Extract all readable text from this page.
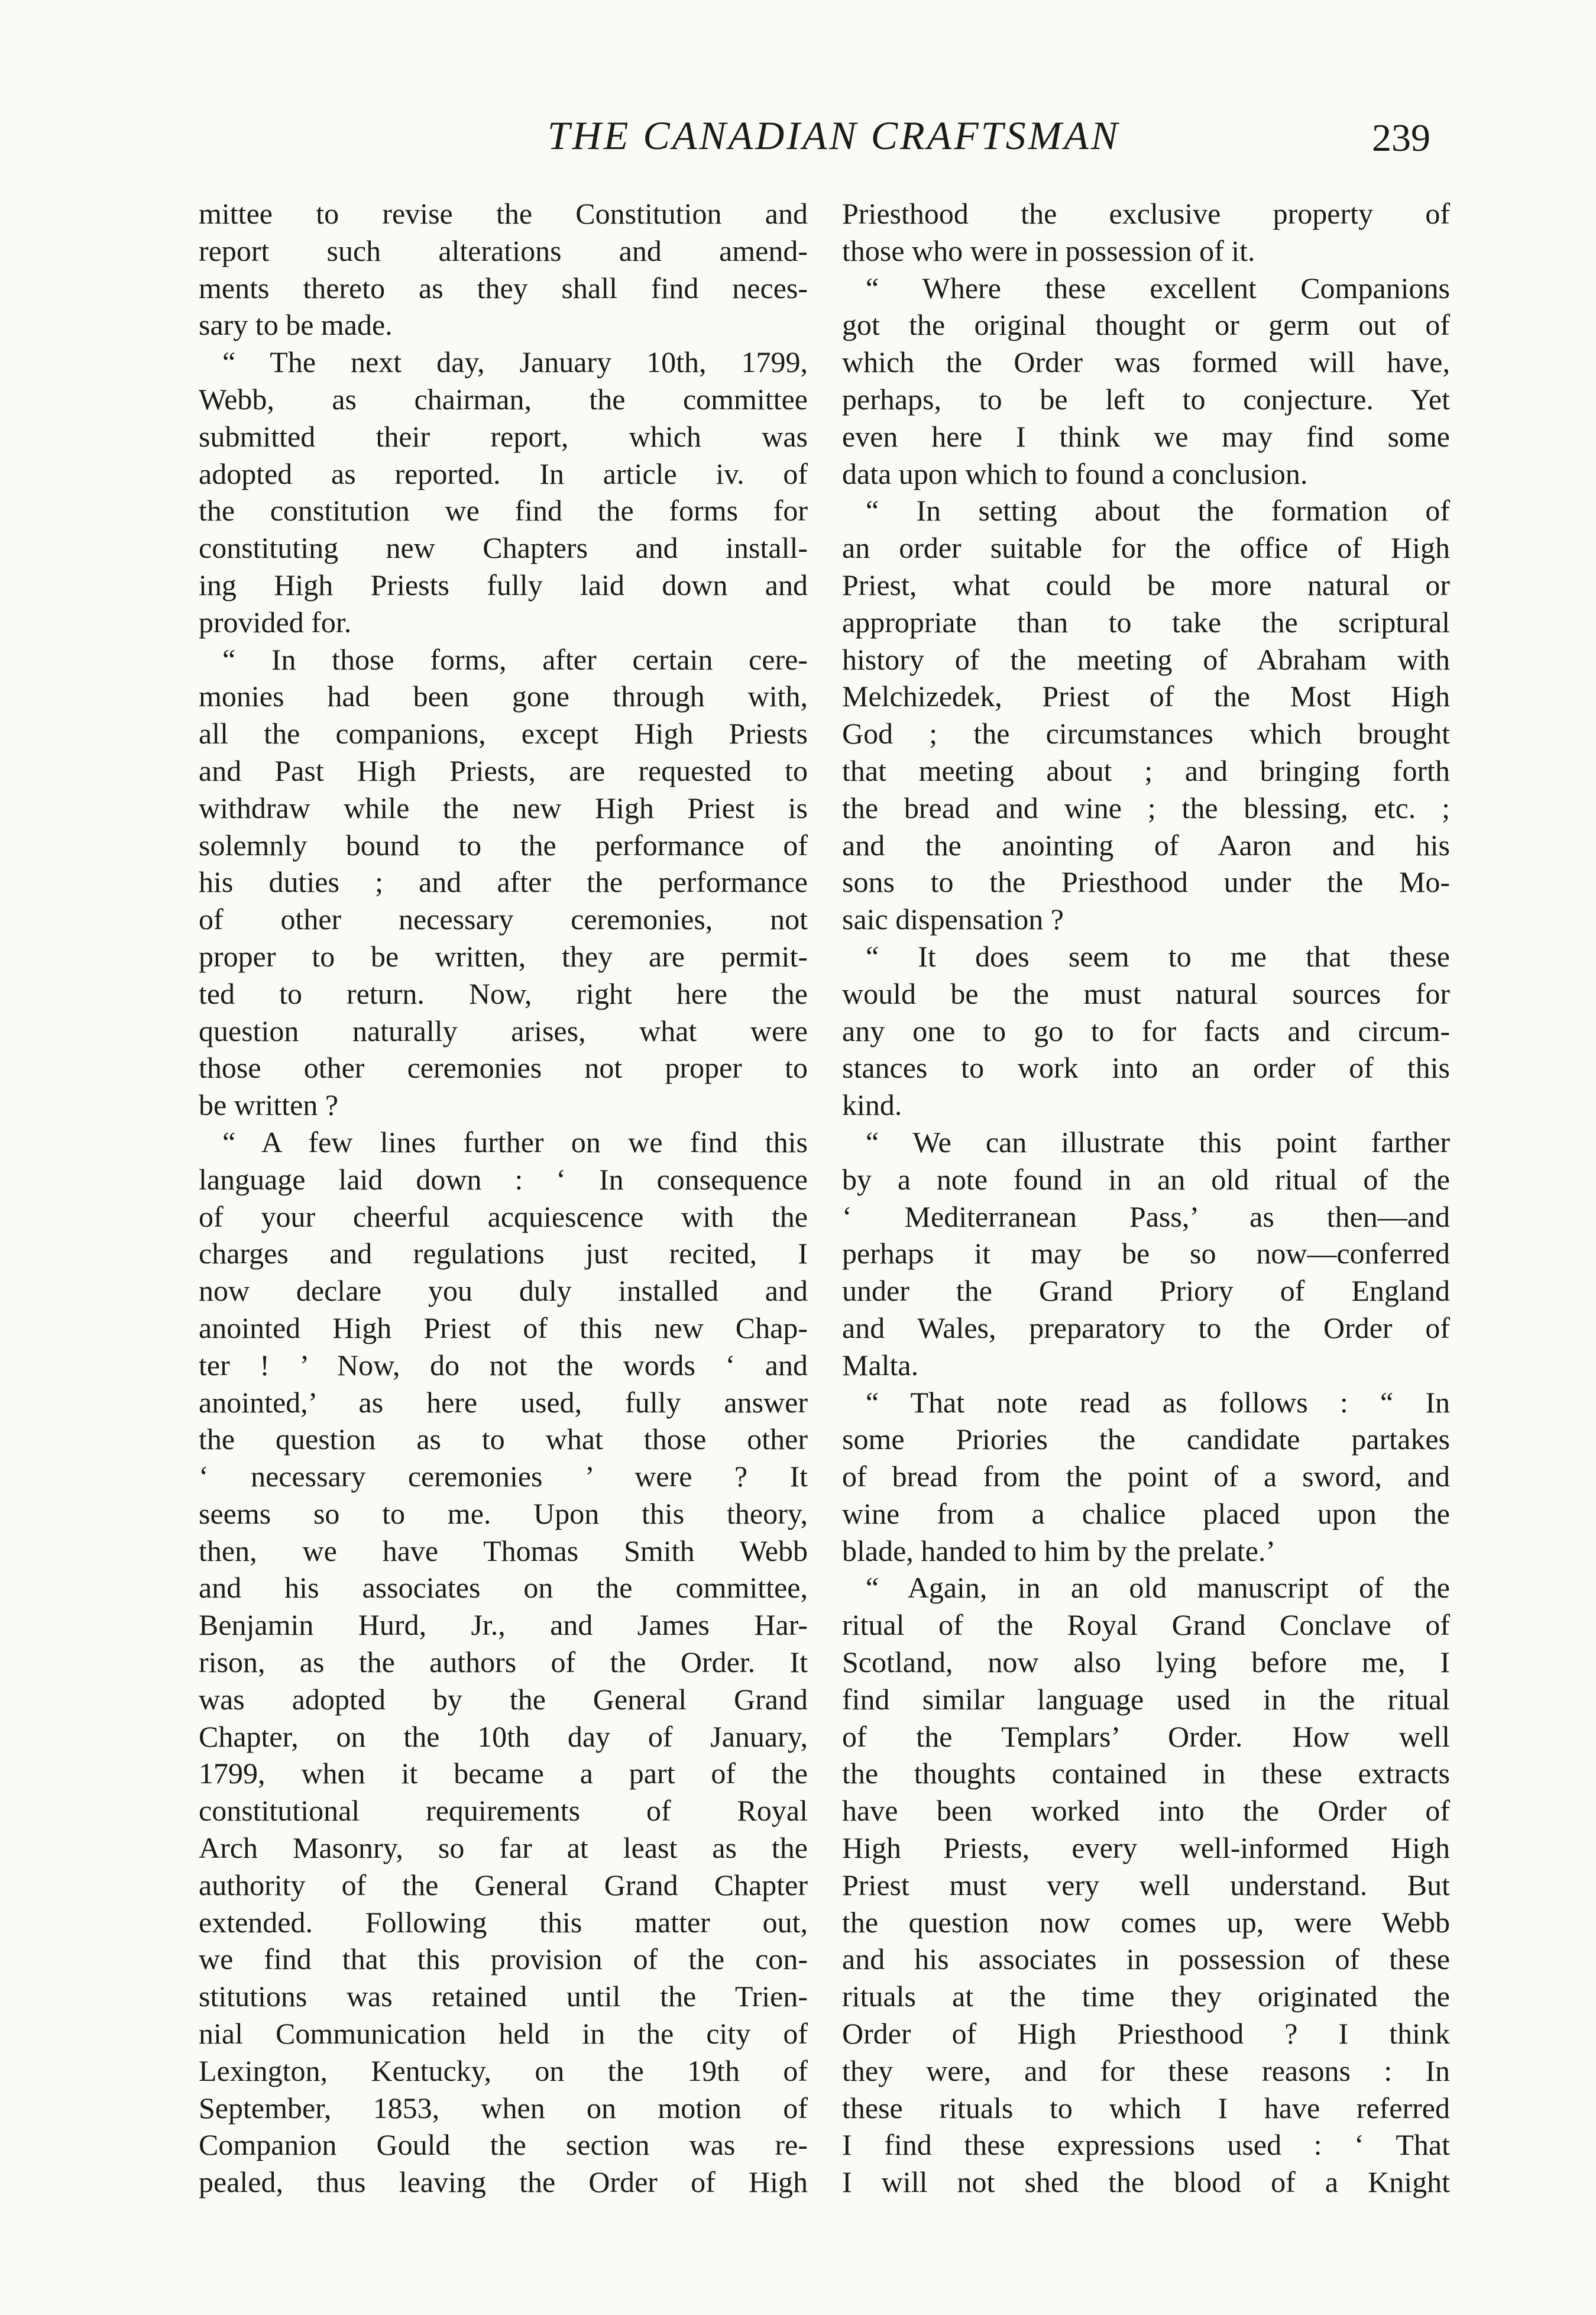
THE CANADIAN CRAFTSMAN	239
mittee to revise the Constitution and
report such alterations and amend-
ments thereto as they shall find neces-
sary to be made.
“ The next day, January 10th, 1799,
Webb, as chairman, the committee
submitted their report, which was
adopted as reported. In article iv. of
the constitution we find the forms for
constituting new Chapters and install-
ing High Priests fully laid down and
provided for.
“ In those forms, after certain cere-
monies had been gone through with,
all the companions, except High Priests
and Past High Priests, are requested to
withdraw while the new High Priest is
solemnly bound to the performance of
his duties ; and after the performance
of other necessary ceremonies, not
proper to be written, they are permit-
ted to return. Now, right here the
question naturally arises, what were
those other ceremonies not proper to
be written ?
“ A few lines further on we find this
language laid down : ‘ In consequence
of your cheerful acquiescence with the
charges and regulations just recited, I
now declare you duly installed and
anointed High Priest of this new Chap-
ter ! ’ Now, do not the words ‘ and
anointed,’ as here used, fully answer
the question as to what those other
‘ necessary ceremonies ’ were ? It
seems so to me. Upon this theory,
then, we have Thomas Smith Webb
and his associates on the committee,
Benjamin Hurd, Jr., and James Har-
rison, as the authors of the Order. It
was adopted by the General Grand
Chapter, on the 10th day of January,
1799, when it became a part of the
constitutional requirements of Royal
Arch Masonry, so far at least as the
authority of the General Grand Chapter
extended. Following this matter out,
we find that this provision of the con-
stitutions was retained until the Trien-
nial Communication held in the city of
Lexington, Kentucky, on the 19th of
September, 1853, when on motion of
Companion Gould the section was re-
pealed, thus leaving the Order of High
Priesthood the exclusive property of
those who were in possession of it.
“ Where these excellent Companions
got the original thought or germ out of
which the Order was formed will have,
perhaps, to be left to conjecture. Yet
even here I think we may find some
data upon which to found a conclusion.
“ In setting about the formation of
an order suitable for the office of High
Priest, what could be more natural or
appropriate than to take the scriptural
history of the meeting of Abraham with
Melchizedek, Priest of the Most High
God ; the circumstances which brought
that meeting about ; and bringing forth
the bread and wine ; the blessing, etc. ;
and the anointing of Aaron and his
sons to the Priesthood under the Mo-
saic dispensation ?
“ It does seem to me that these
would be the must natural sources for
any one to go to for facts and circum-
stances to work into an order of this
kind.
“ We can illustrate this point farther
by a note found in an old ritual of the
‘ Mediterranean Pass,’ as then—and
perhaps it may be so now—conferred
under the Grand Priory of England
and Wales, preparatory to the Order of
Malta.
“ That note read as follows : “ In
some Priories the candidate partakes
of bread from the point of a sword, and
wine from a chalice placed upon the
blade, handed to him by the prelate.’
“ Again, in an old manuscript of the
ritual of the Royal Grand Conclave of
Scotland, now also lying before me, I
find similar language used in the ritual
of the Templars’ Order. How well
the thoughts contained in these extracts
have been worked into the Order of
High Priests, every well-informed High
Priest must very well understand. But
the question now comes up, were Webb
and his associates in possession of these
rituals at the time they originated the
Order of High Priesthood ? I think
they were, and for these reasons : In
these rituals to which I have referred
I find these expressions used : ‘ That
I will not shed the blood of a Knight
